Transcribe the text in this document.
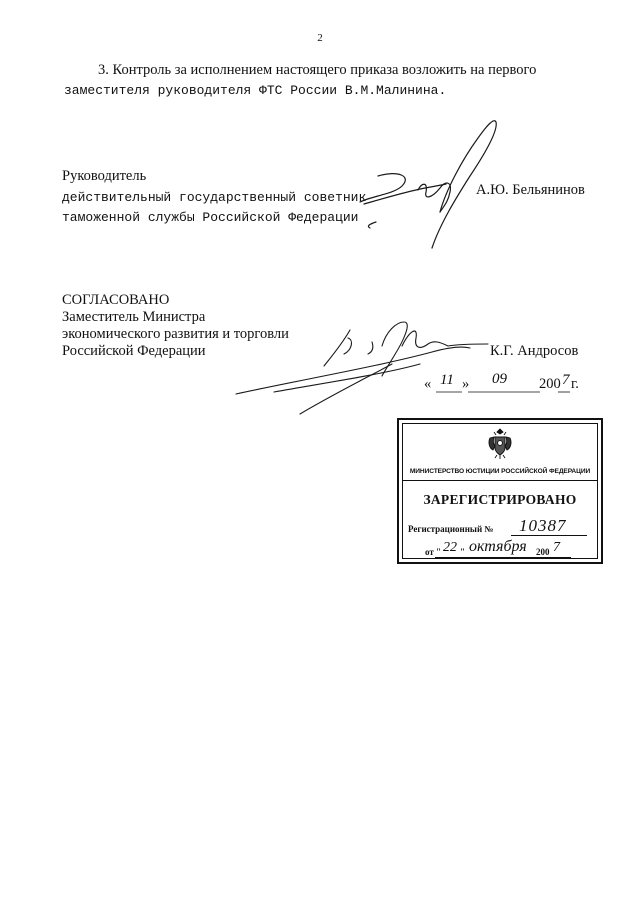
2
3. Контроль за исполнением настоящего приказа возложить на первого
заместителя руководителя ФТС России В.М.Малинина.
Руководитель
действительный государственный советник
таможенной службы Российской Федерации
А.Ю. Бельянинов
СОГЛАСОВАНО
Заместитель Министра
экономического развития и торговли
Российской Федерации	К.Г. Андросов
« 11 » 09 200 7 г.
МИНИСТЕРСТВО ЮСТИЦИИ РОССИЙСКОЙ ФЕДЕРАЦИИ
ЗАРЕГИСТРИРОВАНО
Регистрационный № 10387
от " 22 " октября 200 7
